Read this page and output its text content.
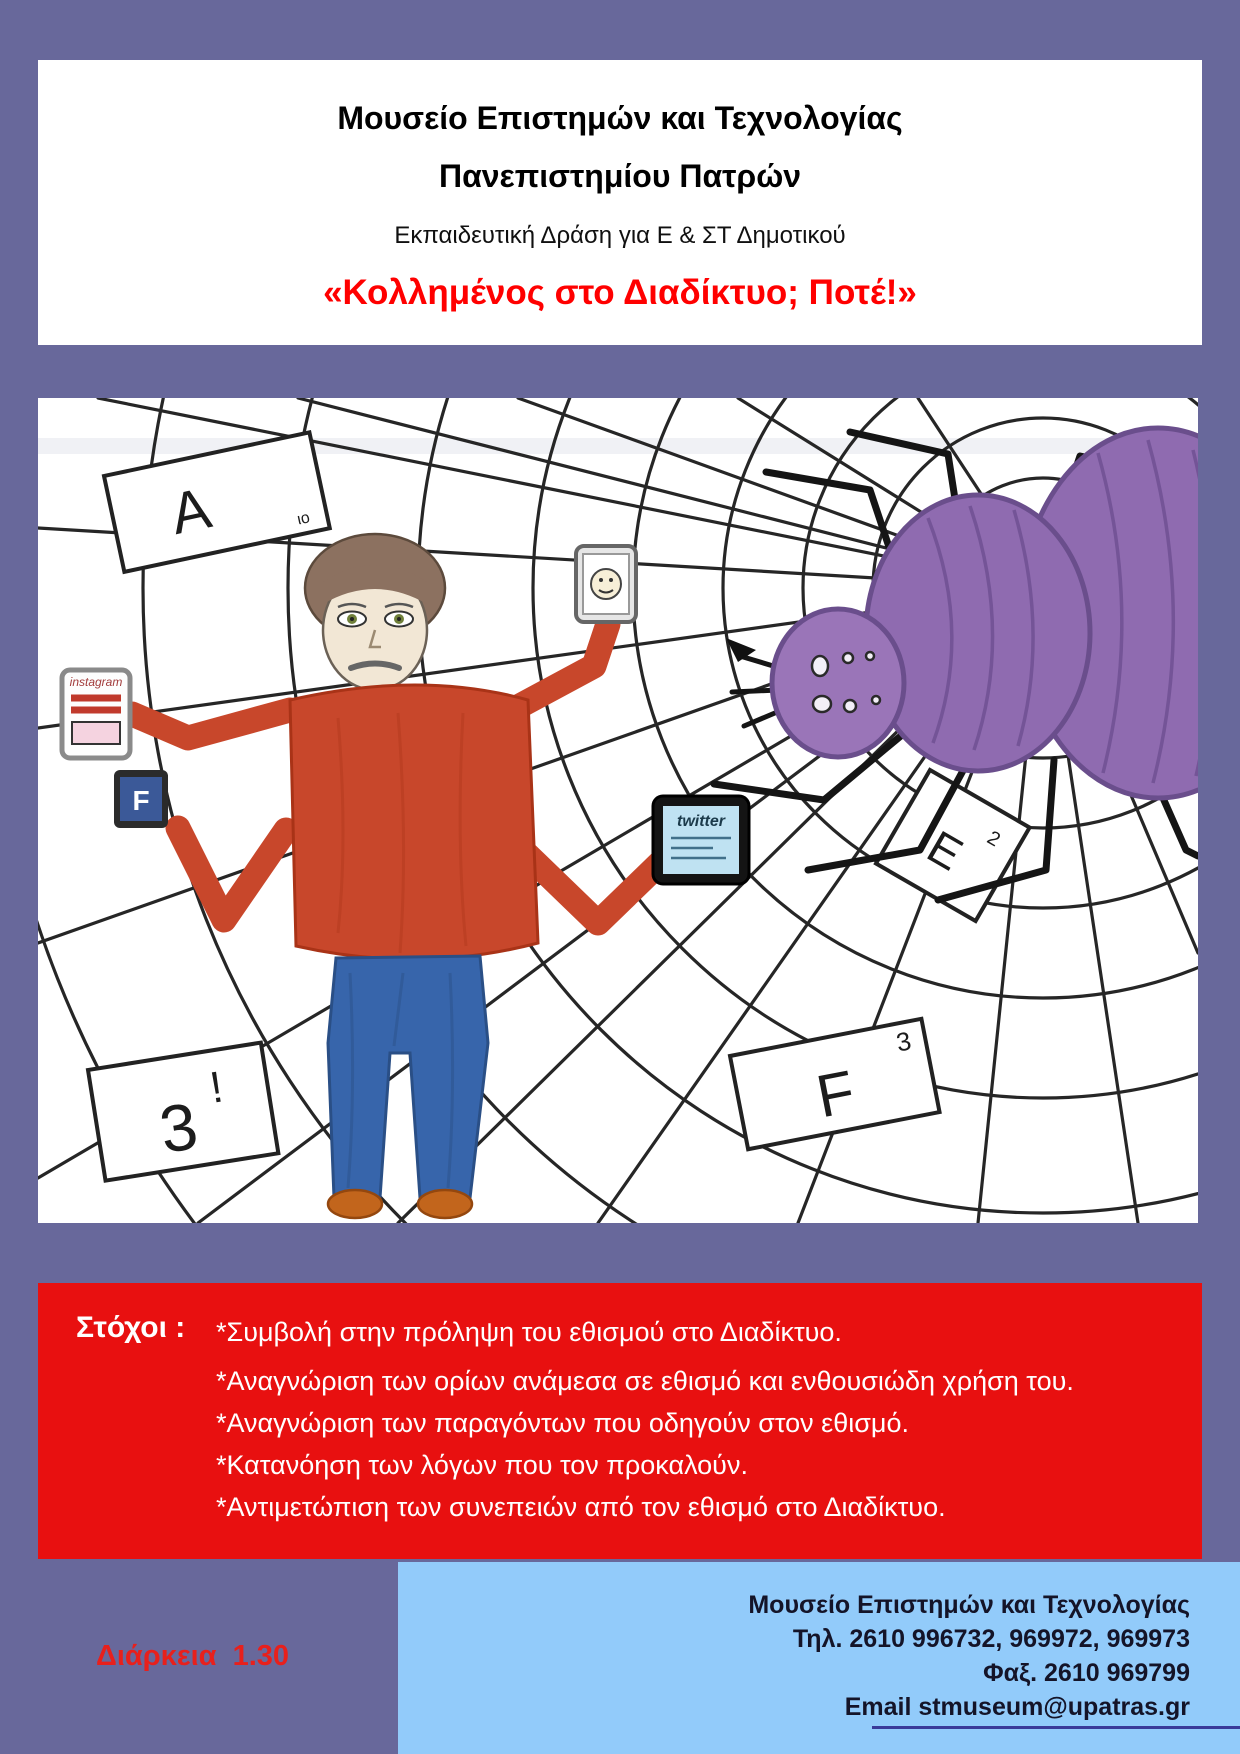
Μουσείο Επιστημών και Τεχνολογίας
Πανεπιστημίου Πατρών
Εκπαιδευτική Δράση για Ε & ΣΤ Δημοτικού
«Κολλημένος στο Διαδίκτυο; Ποτέ!»
A	ιο
3
!	F
3
E 2
instagram
F
twitter
Στόχοι :	*Συμβολή στην πρόληψη του εθισμού στο Διαδίκτυο.
*Αναγνώριση των ορίων ανάμεσα σε εθισμό και ενθουσιώδη χρήση του.
*Αναγνώριση των παραγόντων που οδηγούν στον εθισμό.
*Κατανόηση των λόγων που τον προκαλούν.
*Αντιμετώπιση των συνεπειών από τον εθισμό στο Διαδίκτυο.
Διάρκεια  1.30
Μουσείο Επιστημών και Τεχνολογίας
Τηλ. 2610 996732, 969972, 969973
Φαξ. 2610 969799
Email stmuseum@upatras.gr
